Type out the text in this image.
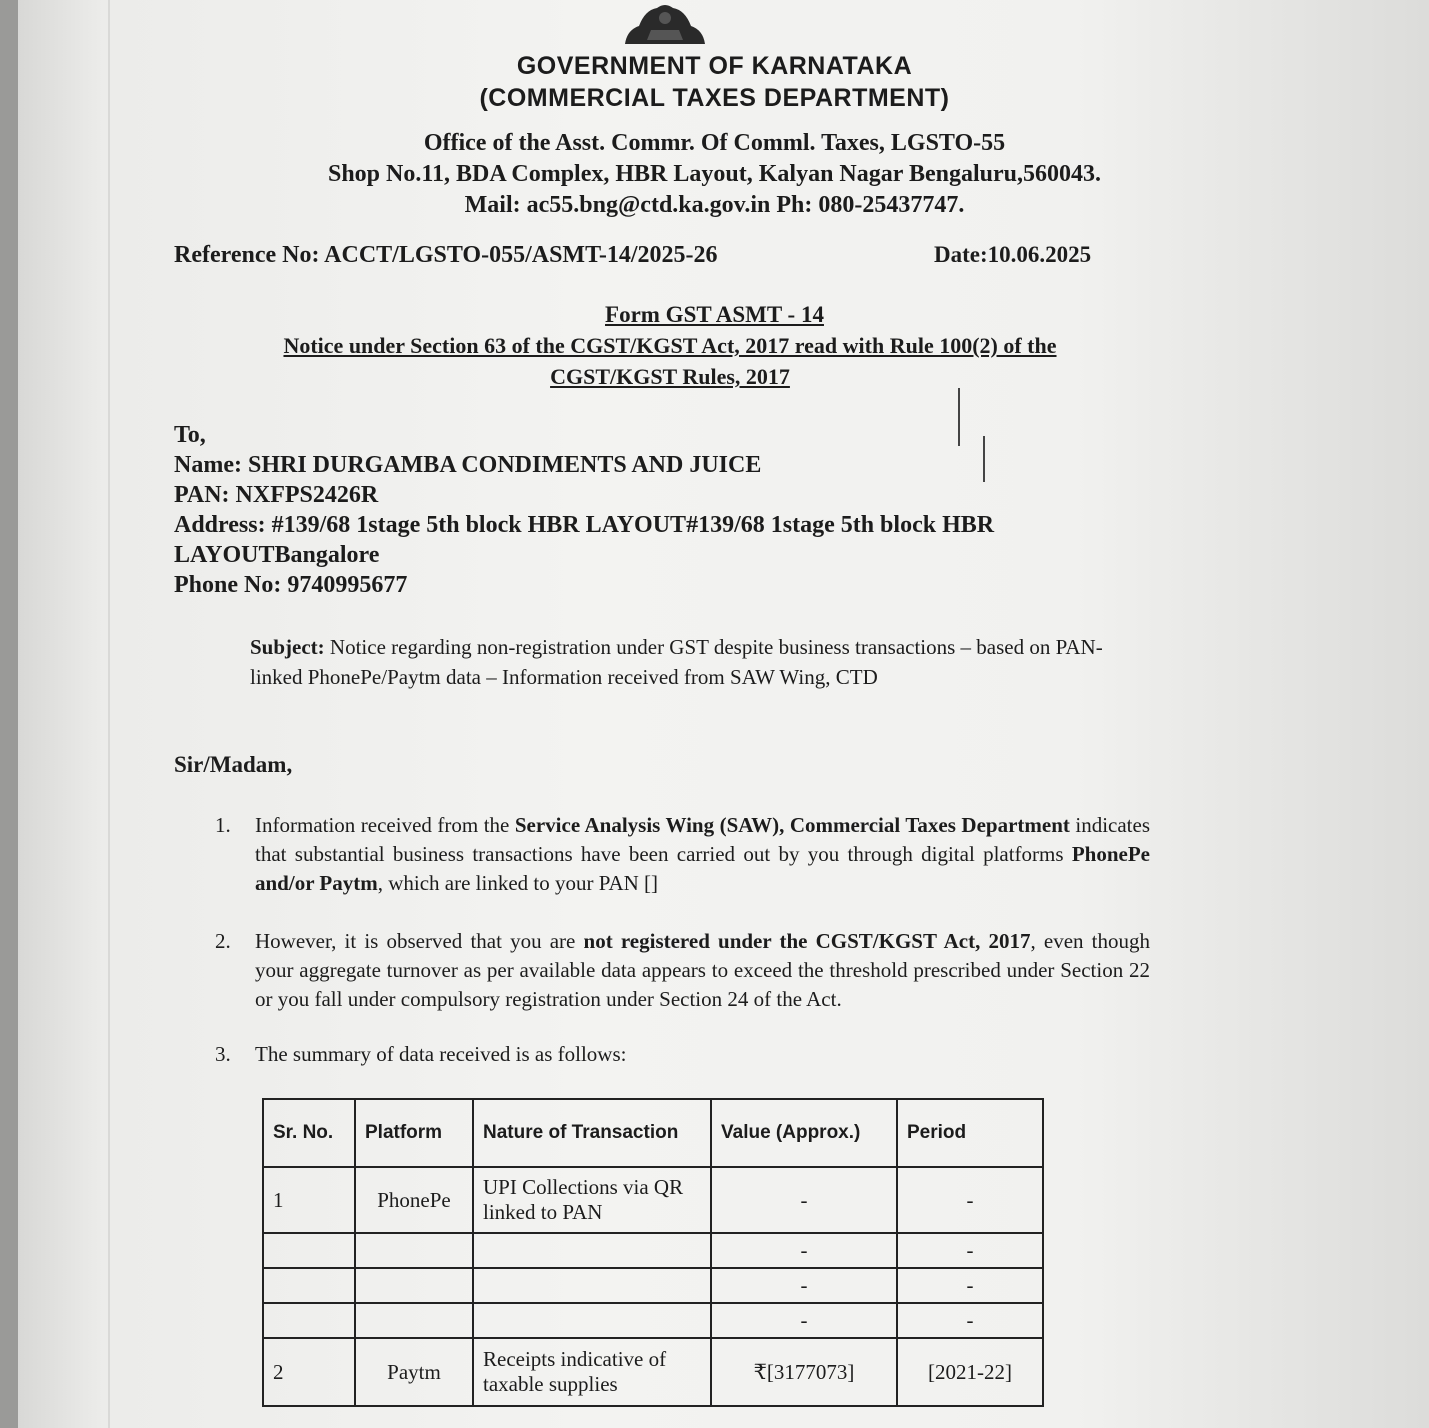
GOVERNMENT OF KARNATAKA
(COMMERCIAL TAXES DEPARTMENT)
Office of the Asst. Commr. Of Comml. Taxes, LGSTO-55
Shop No.11, BDA Complex, HBR Layout, Kalyan Nagar Bengaluru,560043.
Mail: ac55.bng@ctd.ka.gov.in Ph: 080-25437747.
Reference No: ACCT/LGSTO-055/ASMT-14/2025-26	Date:10.06.2025
Form GST ASMT - 14
Notice under Section 63 of the CGST/KGST Act, 2017 read with Rule 100(2) of the CGST/KGST Rules, 2017
To,
Name: SHRI DURGAMBA CONDIMENTS AND JUICE
PAN: NXFPS2426R
Address: #139/68 1stage 5th block HBR LAYOUT#139/68 1stage 5th block HBR LAYOUTBangalore
Phone No: 9740995677
Subject: Notice regarding non-registration under GST despite business transactions – based on PAN-linked PhonePe/Paytm data – Information received from SAW Wing, CTD
Sir/Madam,
1.	Information received from the Service Analysis Wing (SAW), Commercial Taxes Department indicates that substantial business transactions have been carried out by you through digital platforms PhonePe and/or Paytm, which are linked to your PAN []
2.	However, it is observed that you are not registered under the CGST/KGST Act, 2017, even though your aggregate turnover as per available data appears to exceed the threshold prescribed under Section 22 or you fall under compulsory registration under Section 24 of the Act.
3.	The summary of data received is as follows:
Sr. No.	Platform	Nature of Transaction	Value (Approx.)	Period
1	PhonePe	UPI Collections via QR linked to PAN	-	-
			-	-
			-	-
			-	-
2	Paytm	Receipts indicative of taxable supplies	₹[3177073]	[2021-22]
